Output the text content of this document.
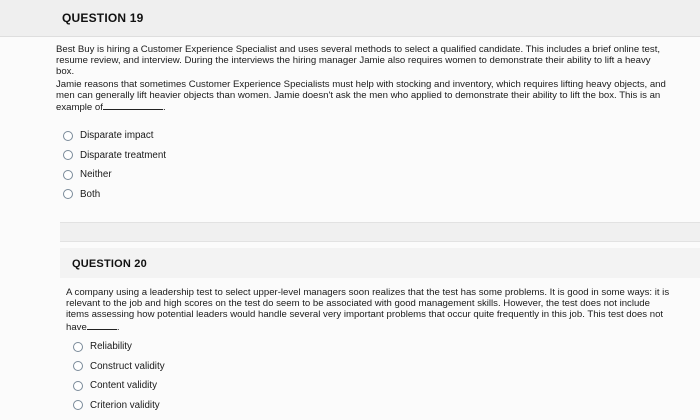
QUESTION 19

Best Buy is hiring a Customer Experience Specialist and uses several methods to select a qualified candidate. This includes a brief online test, resume review, and interview. During the interviews the hiring manager Jamie also requires women to demonstrate their ability to lift a heavy box.

Jamie reasons that sometimes Customer Experience Specialists must help with stocking and inventory, which requires lifting heavy objects, and men can generally lift heavier objects than women. Jamie doesn't ask the men who applied to demonstrate their ability to lift the box. This is an example of	.

Disparate impact
Disparate treatment
Neither
Both
QUESTION 20

A company using a leadership test to select upper-level managers soon realizes that the test has some problems. It is good in some ways: it is relevant to the job and high scores on the test do seem to be associated with good management skills. However, the test does not include items assessing how potential leaders would handle several very important problems that occur quite frequently in this job. This test does not have	.

Reliability
Construct validity
Content validity
Criterion validity
